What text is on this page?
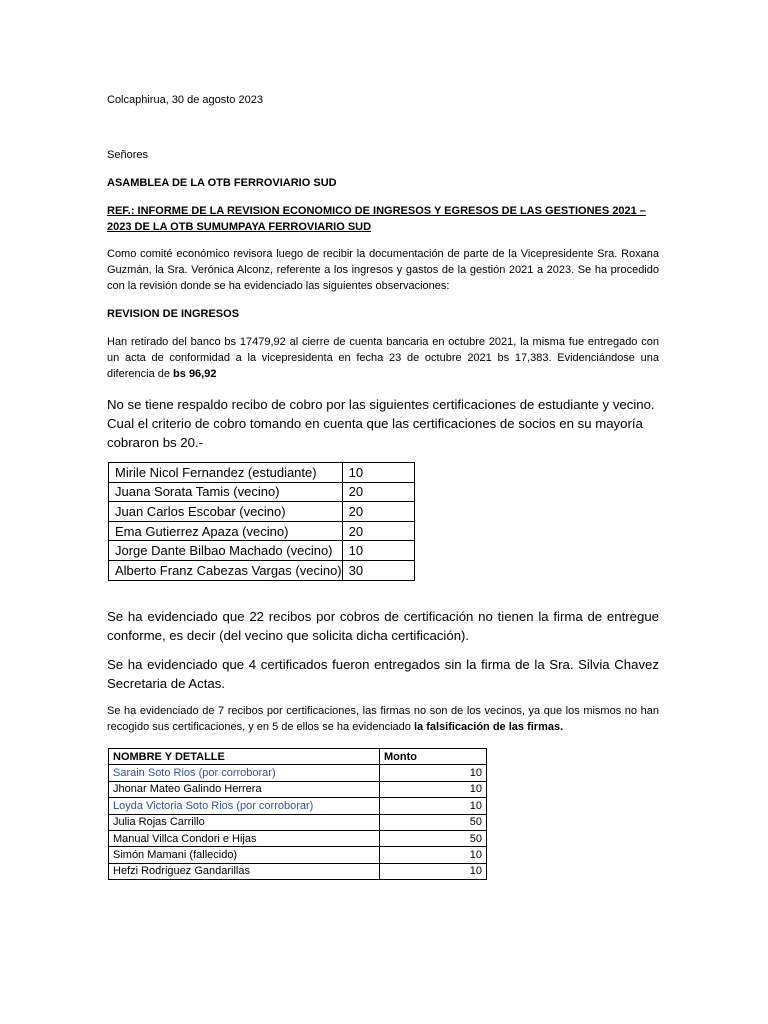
Colcaphirua, 30 de agosto 2023

Señores

ASAMBLEA DE LA OTB FERROVIARIO SUD

REF.: INFORME DE LA REVISION ECONOMICO DE INGRESOS Y EGRESOS DE LAS GESTIONES 2021 – 2023 DE LA OTB SUMUMPAYA FERROVIARIO SUD

Como comité económico revisora luego de recibir la documentación de parte de la Vicepresidente Sra. Roxana Guzmán, la Sra. Verónica Alconz, referente a los ingresos y gastos de la gestión 2021 a 2023. Se ha procedido con la revisión donde se ha evidenciado las siguientes observaciones:

REVISION DE INGRESOS

Han retirado del banco bs 17479,92 al cierre de cuenta bancaria en octubre 2021, la misma fue entregado con un acta de conformidad a la vicepresidenta en fecha 23 de octubre 2021 bs 17,383. Evidenciándose una diferencia de bs 96,92

No se tiene respaldo recibo de cobro por las siguientes certificaciones de estudiante y vecino. Cual el criterio de cobro tomando en cuenta que las certificaciones de socios en su mayoría cobraron bs 20.-

Mirile Nicol Fernandez (estudiante)	10
Juana Sorata Tamis (vecino)	20
Juan Carlos Escobar (vecino)	20
Ema Gutierrez Apaza (vecino)	20
Jorge Dante Bilbao Machado (vecino)	10
Alberto Franz Cabezas Vargas (vecino)	30

Se ha evidenciado que 22 recibos por cobros de certificación no tienen la firma de entregue conforme, es decir (del vecino que solicita dicha certificación).

Se ha evidenciado que 4 certificados fueron entregados sin la firma de la Sra. Silvia Chavez Secretaria de Actas.

Se ha evidenciado de 7 recibos por certificaciones, las firmas no son de los vecinos, ya que los mismos no han recogido sus certificaciones, y en 5 de ellos se ha evidenciado la falsificación de las firmas.

NOMBRE Y DETALLE	Monto
Sarain Soto Rios (por corroborar)	10
Jhonar Mateo Galindo Herrera	10
Loyda Victoria Soto Rios (por corroborar)	10
Julia Rojas Carrillo	50
Manual Villca Condori e Hijas	50
Simón Mamani (fallecido)	10
Hefzi Rodriguez Gandarillas	10
